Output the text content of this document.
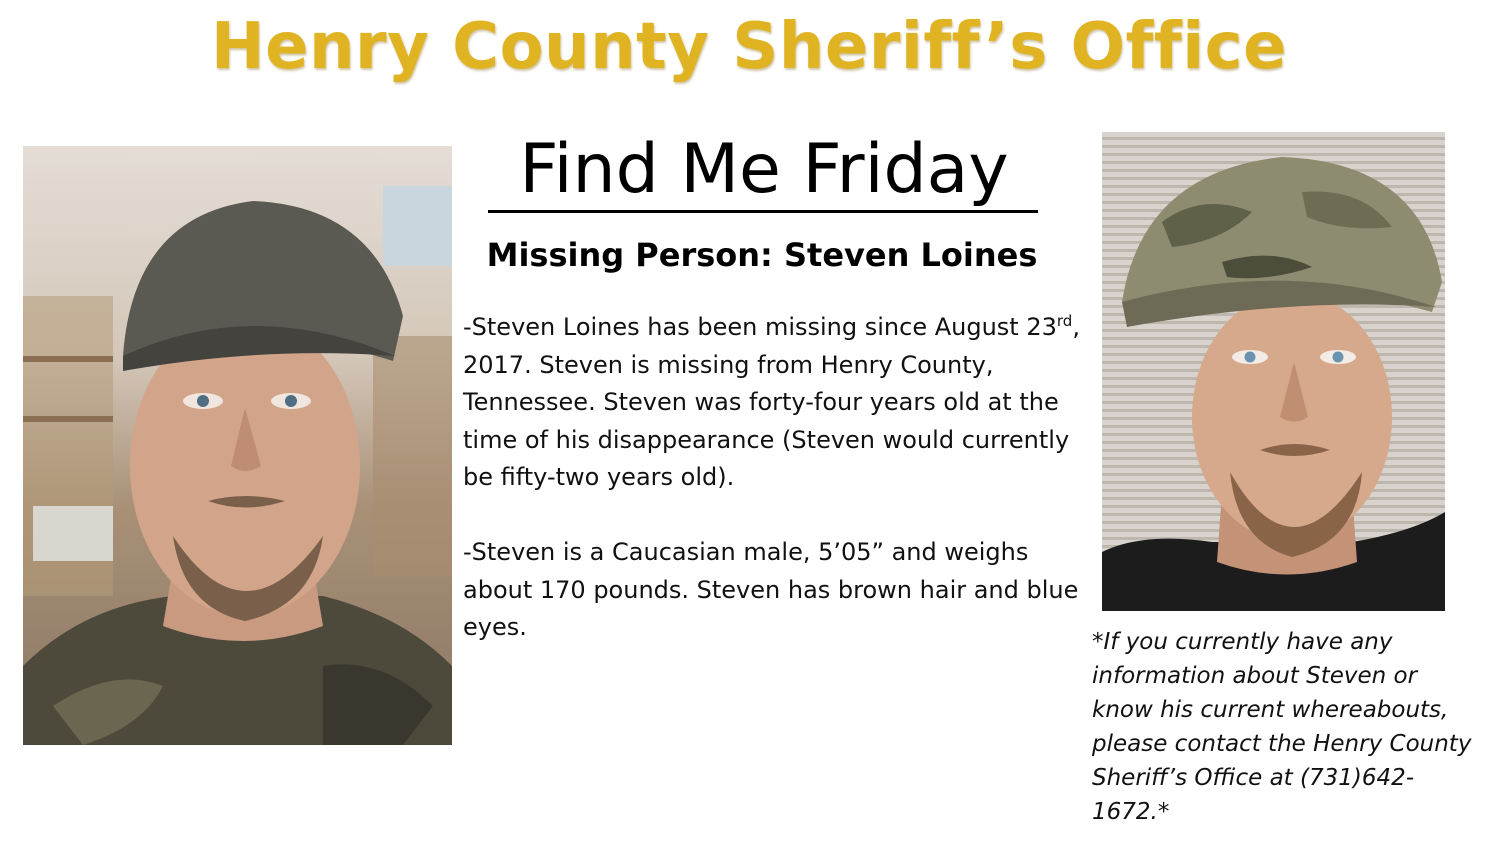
Henry County Sheriff’s Office
Find Me Friday
Missing Person: Steven Loines

-Steven Loines has been missing since August 23rd, 2017. Steven is missing from Henry County, Tennessee. Steven was forty-four years old at the time of his disappearance (Steven would currently be fifty-two years old).

-Steven is a Caucasian male, 5’05” and weighs about 170 pounds. Steven has brown hair and blue eyes.

*If you currently have any information about Steven or know his current whereabouts, please contact the Henry County Sheriff’s Office at (731)642-1672.*
